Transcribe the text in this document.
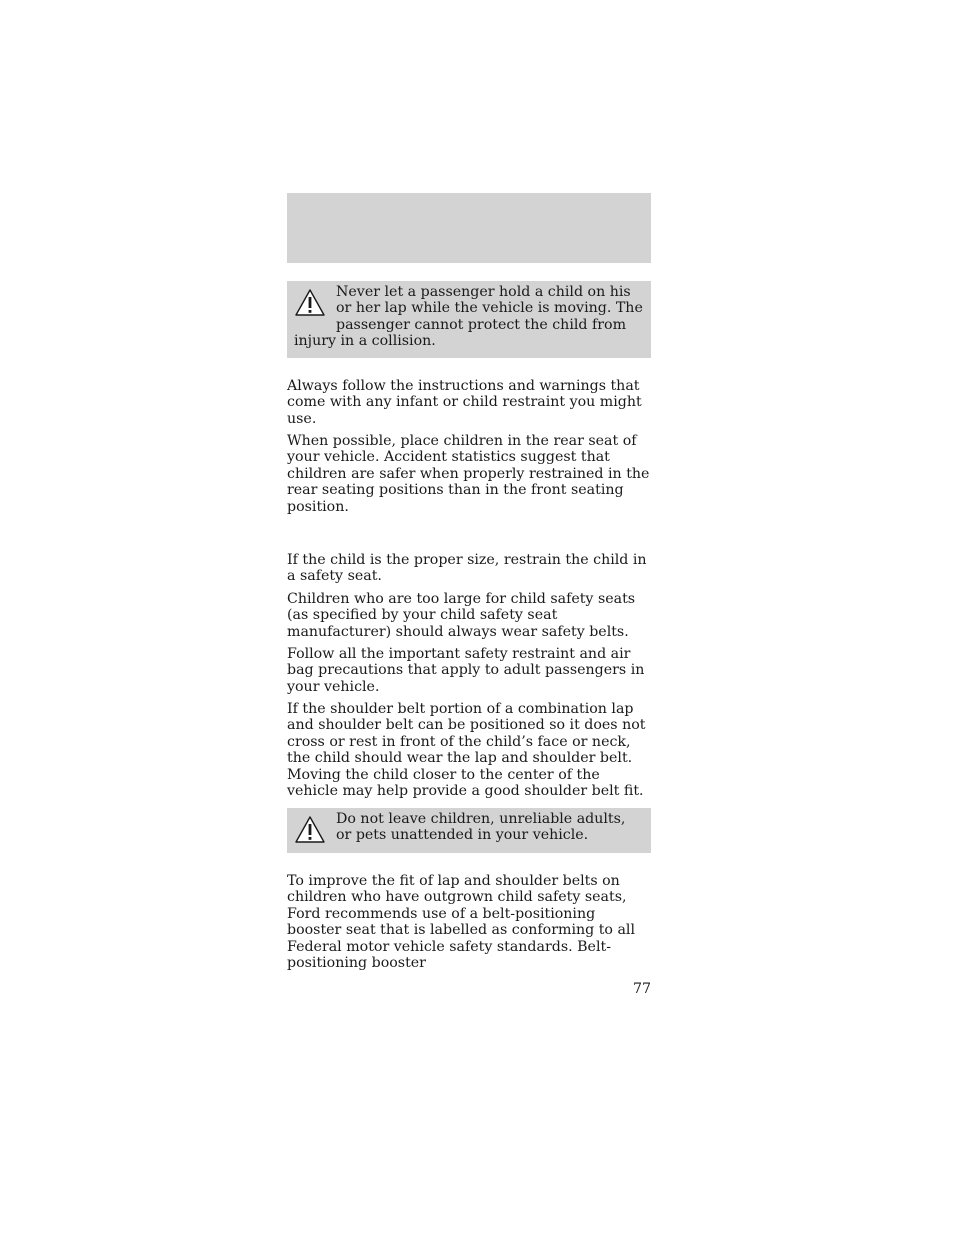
Never let a passenger hold a child on his or her lap while the vehicle is moving. The passenger cannot protect the child from injury in a collision.

Always follow the instructions and warnings that come with any infant or child restraint you might use.

When possible, place children in the rear seat of your vehicle. Accident statistics suggest that children are safer when properly restrained in the rear seating positions than in the front seating position.

If the child is the proper size, restrain the child in a safety seat.

Children who are too large for child safety seats (as specified by your child safety seat manufacturer) should always wear safety belts.

Follow all the important safety restraint and air bag precautions that apply to adult passengers in your vehicle.

If the shoulder belt portion of a combination lap and shoulder belt can be positioned so it does not cross or rest in front of the child’s face or neck, the child should wear the lap and shoulder belt. Moving the child closer to the center of the vehicle may help provide a good shoulder belt fit.

Do not leave children, unreliable adults, or pets unattended in your vehicle.

To improve the fit of lap and shoulder belts on children who have outgrown child safety seats, Ford recommends use of a belt-positioning booster seat that is labelled as conforming to all Federal motor vehicle safety standards. Belt-positioning booster

77
